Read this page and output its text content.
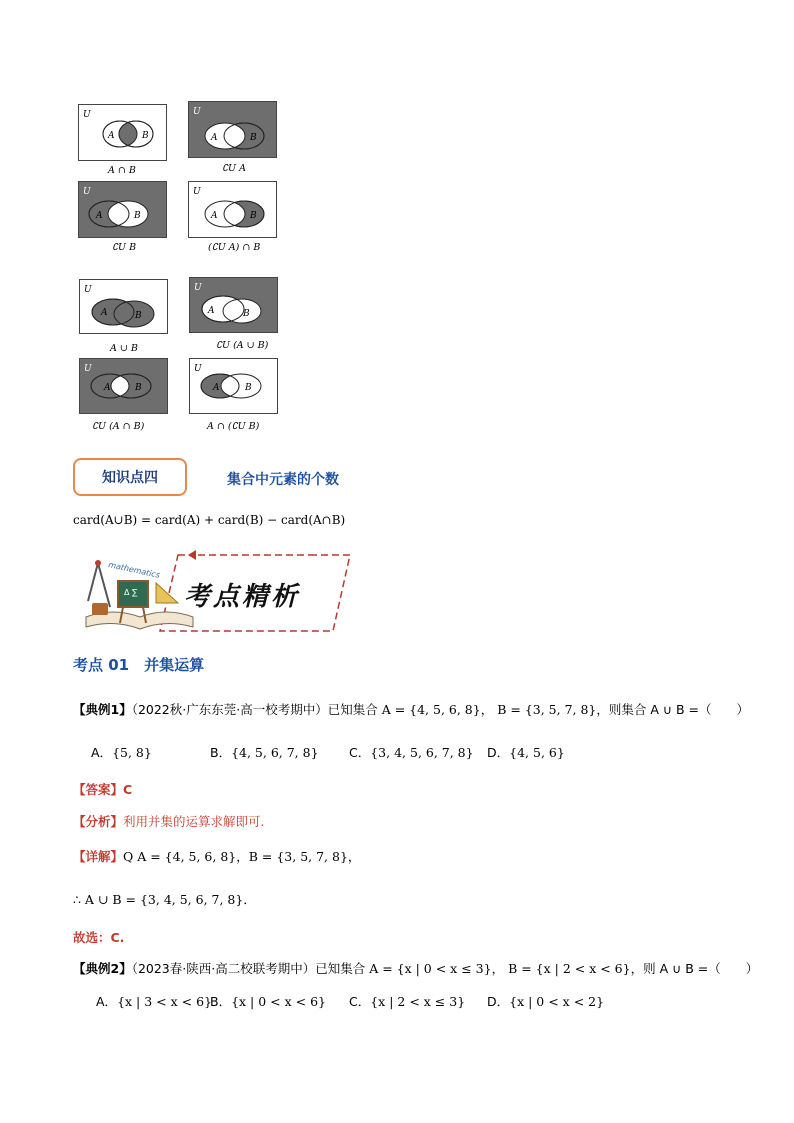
U
A	B
A ∩ B
U
A	B
∁U A
U
A	B
∁U B
U
A	B
(∁U A) ∩ B
U
A	B
A ∪ B
U
A	B
∁U (A ∪ B)
U
A	B
∁U (A ∩ B)
U
A	B
A ∩ (∁U B)
知识点四	集合中元素的个数
card(A∪B) = card(A) + card(B) − card(A∩B)
Δ ∑
mathematics
考点精析
考点 01　并集运算
【典例1】（2022秋·广东东莞·高一校考期中）已知集合 A = {4, 5, 6, 8}， B = {3, 5, 7, 8}，则集合 A ∪ B =（　　）
A．{5, 8}	B．{4, 5, 6, 7, 8} C．{3, 4, 5, 6, 7, 8} D．{4, 5, 6}
【答案】C
【分析】利用并集的运算求解即可.
【详解】Q A = {4, 5, 6, 8}，B = {3, 5, 7, 8}，
∴ A ∪ B = {3, 4, 5, 6, 7, 8}．
故选：C.
【典例2】（2023春·陕西·高二校联考期中）已知集合 A = {x | 0 < x ≤ 3}， B = {x | 2 < x < 6}，则 A ∪ B =（　　）
A．{x | 3 < x < 6}
B．{x | 0 < x < 6} C．{x | 2 < x ≤ 3} D．{x | 0 < x < 2}
